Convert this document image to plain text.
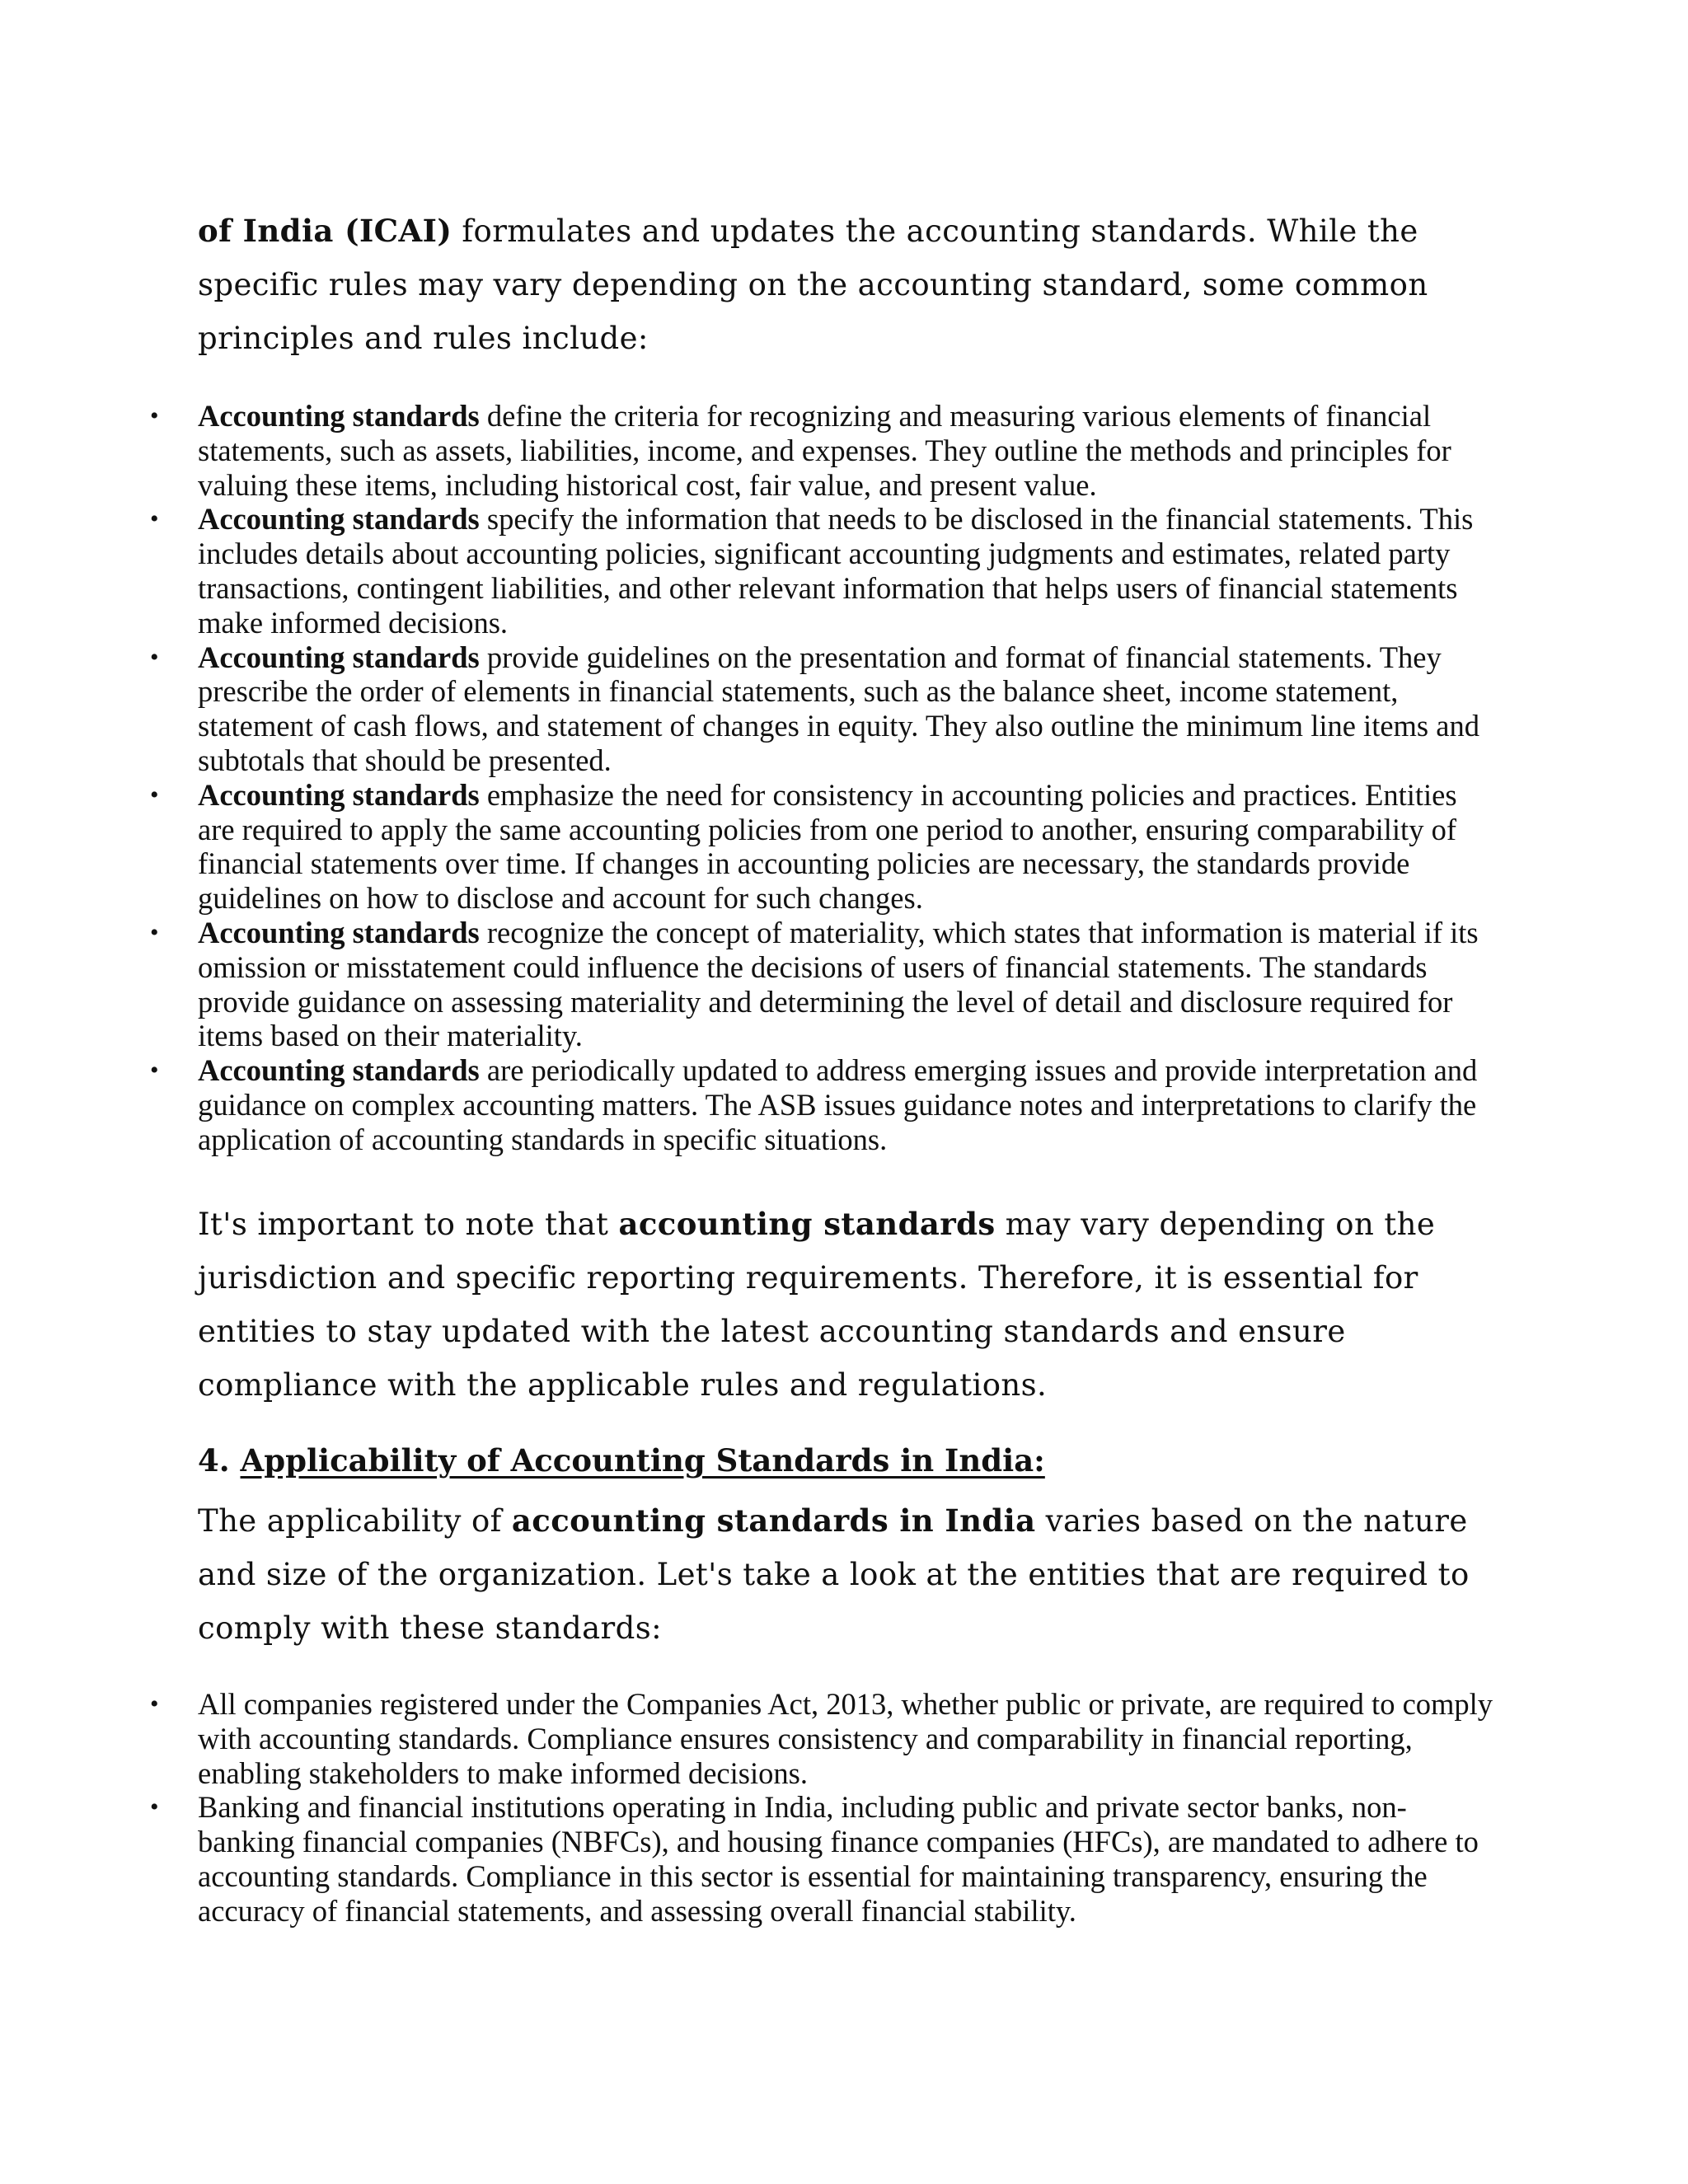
of India (ICAI) formulates and updates the accounting standards. While the specific rules may vary depending on the accounting standard, some common principles and rules include:

• Accounting standards define the criteria for recognizing and measuring various elements of financial statements, such as assets, liabilities, income, and expenses. They outline the methods and principles for valuing these items, including historical cost, fair value, and present value.
• Accounting standards specify the information that needs to be disclosed in the financial statements. This includes details about accounting policies, significant accounting judgments and estimates, related party transactions, contingent liabilities, and other relevant information that helps users of financial statements make informed decisions.
• Accounting standards provide guidelines on the presentation and format of financial statements. They prescribe the order of elements in financial statements, such as the balance sheet, income statement, statement of cash flows, and statement of changes in equity. They also outline the minimum line items and subtotals that should be presented.
• Accounting standards emphasize the need for consistency in accounting policies and practices. Entities are required to apply the same accounting policies from one period to another, ensuring comparability of financial statements over time. If changes in accounting policies are necessary, the standards provide guidelines on how to disclose and account for such changes.
• Accounting standards recognize the concept of materiality, which states that information is material if its omission or misstatement could influence the decisions of users of financial statements. The standards provide guidance on assessing materiality and determining the level of detail and disclosure required for items based on their materiality.
• Accounting standards are periodically updated to address emerging issues and provide interpretation and guidance on complex accounting matters. The ASB issues guidance notes and interpretations to clarify the application of accounting standards in specific situations.

It's important to note that accounting standards may vary depending on the jurisdiction and specific reporting requirements. Therefore, it is essential for entities to stay updated with the latest accounting standards and ensure compliance with the applicable rules and regulations.

4. Applicability of Accounting Standards in India:

The applicability of accounting standards in India varies based on the nature and size of the organization. Let's take a look at the entities that are required to comply with these standards:

• All companies registered under the Companies Act, 2013, whether public or private, are required to comply with accounting standards. Compliance ensures consistency and comparability in financial reporting, enabling stakeholders to make informed decisions.
• Banking and financial institutions operating in India, including public and private sector banks, non-banking financial companies (NBFCs), and housing finance companies (HFCs), are mandated to adhere to accounting standards. Compliance in this sector is essential for maintaining transparency, ensuring the accuracy of financial statements, and assessing overall financial stability.
